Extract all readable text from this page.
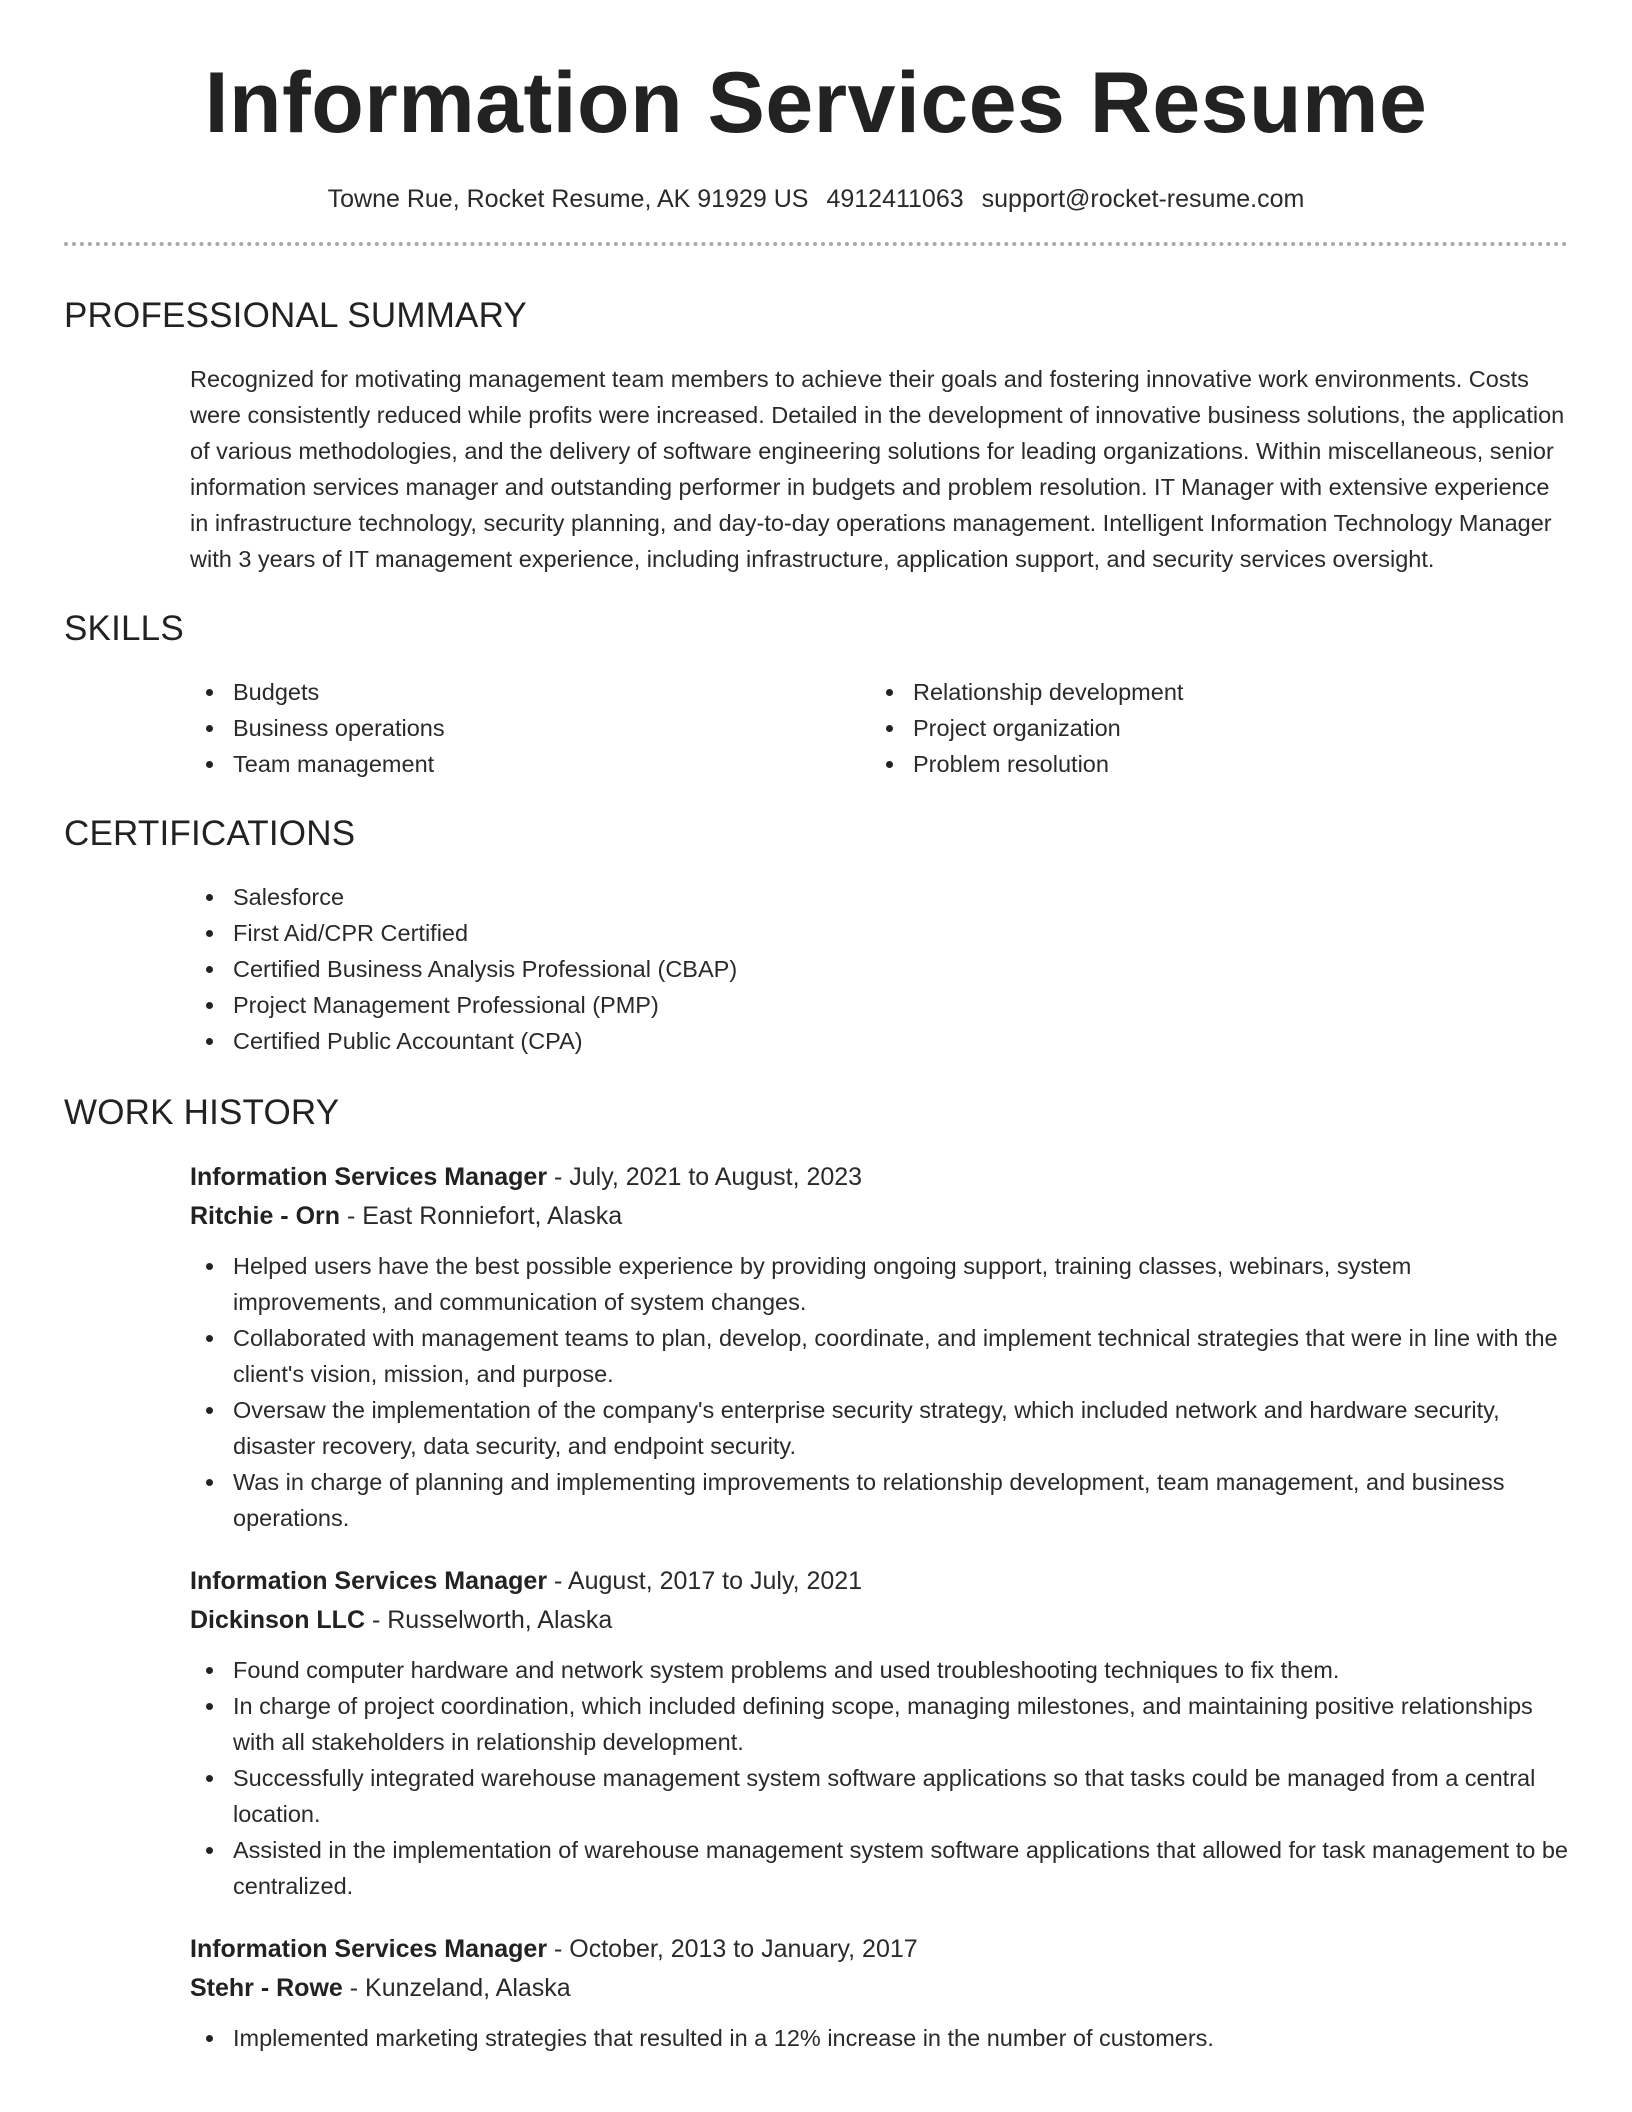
Information Services Resume
Towne Rue, Rocket Resume, AK 91929 US 4912411063 support@rocket-resume.com
PROFESSIONAL SUMMARY

Recognized for motivating management team members to achieve their goals and fostering innovative work environments. Costs were consistently reduced while profits were increased. Detailed in the development of innovative business solutions, the application of various methodologies, and the delivery of software engineering solutions for leading organizations. Within miscellaneous, senior information services manager and outstanding performer in budgets and problem resolution. IT Manager with extensive experience in infrastructure technology, security planning, and day-to-day operations management. Intelligent Information Technology Manager with 3 years of IT management experience, including infrastructure, application support, and security services oversight.

SKILLS
Budgets
Business operations
Team management
Relationship development
Project organization
Problem resolution
CERTIFICATIONS
Salesforce
First Aid/CPR Certified
Certified Business Analysis Professional (CBAP)
Project Management Professional (PMP)
Certified Public Accountant (CPA)
WORK HISTORY
Information Services Manager - July, 2021 to August, 2023
Ritchie - Orn - East Ronniefort, Alaska
Helped users have the best possible experience by providing ongoing support, training classes, webinars, system improvements, and communication of system changes.
Collaborated with management teams to plan, develop, coordinate, and implement technical strategies that were in line with the client's vision, mission, and purpose.
Oversaw the implementation of the company's enterprise security strategy, which included network and hardware security, disaster recovery, data security, and endpoint security.
Was in charge of planning and implementing improvements to relationship development, team management, and business operations.
Information Services Manager - August, 2017 to July, 2021
Dickinson LLC - Russelworth, Alaska
Found computer hardware and network system problems and used troubleshooting techniques to fix them.
In charge of project coordination, which included defining scope, managing milestones, and maintaining positive relationships with all stakeholders in relationship development.
Successfully integrated warehouse management system software applications so that tasks could be managed from a central location.
Assisted in the implementation of warehouse management system software applications that allowed for task management to be centralized.
Information Services Manager - October, 2013 to January, 2017
Stehr - Rowe - Kunzeland, Alaska
Implemented marketing strategies that resulted in a 12% increase in the number of customers.
